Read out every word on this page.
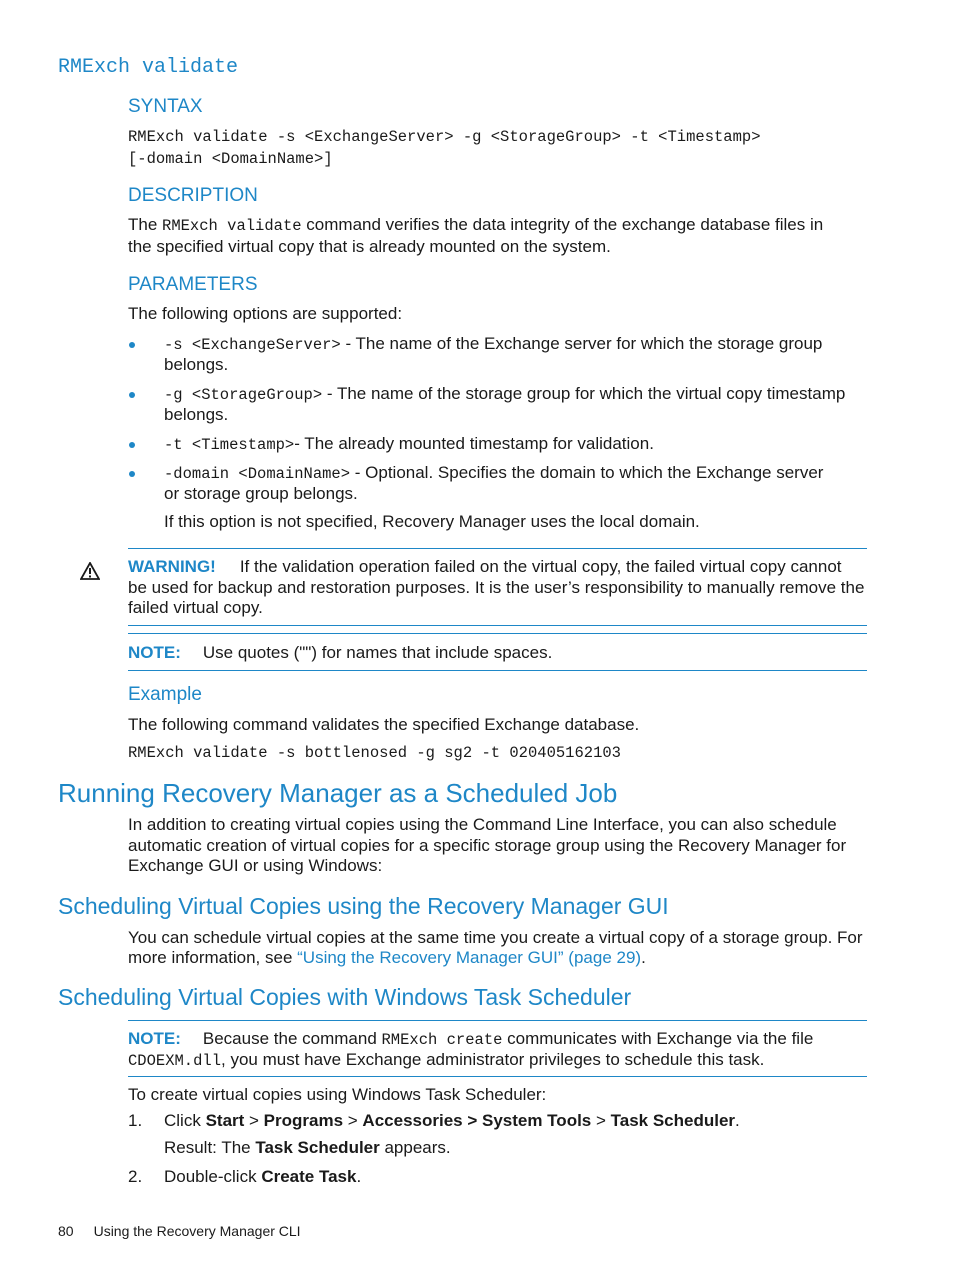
RMExch validate
SYNTAX
RMExch validate -s <ExchangeServer> -g <StorageGroup> -t <Timestamp>
[-domain <DomainName>]
DESCRIPTION
The RMExch validate command verifies the data integrity of the exchange database files in
the specified virtual copy that is already mounted on the system.
PARAMETERS
The following options are supported:
-s <ExchangeServer> - The name of the Exchange server for which the storage group
belongs.
-g <StorageGroup> - The name of the storage group for which the virtual copy timestamp
belongs.
-t <Timestamp>- The already mounted timestamp for validation.
-domain <DomainName> - Optional. Specifies the domain to which the Exchange server
or storage group belongs.
If this option is not specified, Recovery Manager uses the local domain.
WARNING! If the validation operation failed on the virtual copy, the failed virtual copy cannot
be used for backup and restoration purposes. It is the user’s responsibility to manually remove the
failed virtual copy.
NOTE: Use quotes ("") for names that include spaces.
Example
The following command validates the specified Exchange database.
RMExch validate -s bottlenosed -g sg2 -t 020405162103
Running Recovery Manager as a Scheduled Job
In addition to creating virtual copies using the Command Line Interface, you can also schedule
automatic creation of virtual copies for a specific storage group using the Recovery Manager for
Exchange GUI or using Windows:
Scheduling Virtual Copies using the Recovery Manager GUI
You can schedule virtual copies at the same time you create a virtual copy of a storage group. For
more information, see “Using the Recovery Manager GUI” (page 29).
Scheduling Virtual Copies with Windows Task Scheduler
NOTE: Because the command RMExch create communicates with Exchange via the file
CDOEXM.dll, you must have Exchange administrator privileges to schedule this task.
To create virtual copies using Windows Task Scheduler:
1. Click Start > Programs > Accessories > System Tools > Task Scheduler.
Result: The Task Scheduler appears.
2. Double-click Create Task.
80 Using the Recovery Manager CLI
